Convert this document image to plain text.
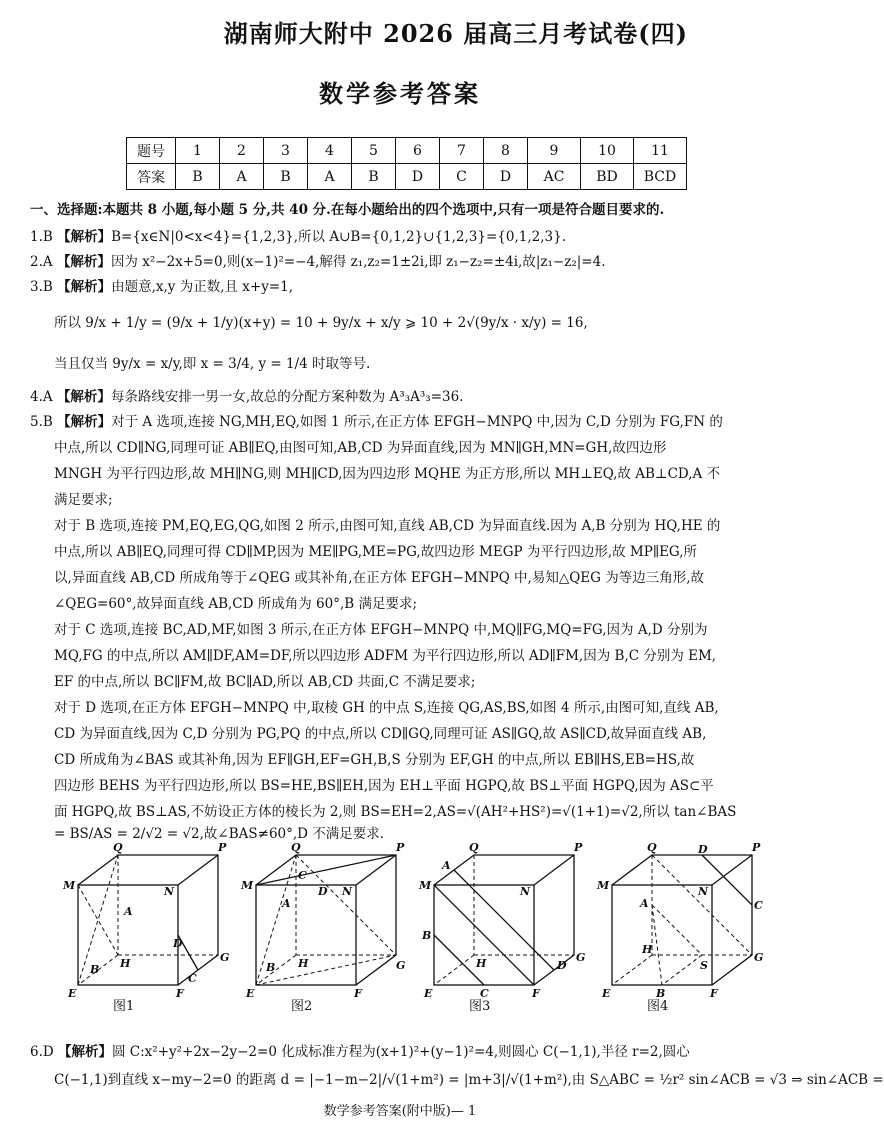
湖南师大附中 2026 届高三月考试卷(四)
数学参考答案
题号	1	2	3	4	5	6	7	8	9	10	11
答案	B	A	B	A	B	D	C	D	AC	BD	BCD
一、选择题:本题共 8 小题,每小题 5 分,共 40 分.在每小题给出的四个选项中,只有一项是符合题目要求的.
1.B 【解析】B={x∈N|0<x<4}={1,2,3},所以 A∪B={0,1,2}∪{1,2,3}={0,1,2,3}.
2.A 【解析】因为 x²−2x+5=0,则(x−1)²=−4,解得 z₁,z₂=1±2i,即 z₁−z₂=±4i,故|z₁−z₂|=4.
3.B 【解析】由题意,x,y 为正数,且 x+y=1,
所以 9/x + 1/y = (9/x + 1/y)(x+y) = 10 + 9y/x + x/y ⩾ 10 + 2√(9y/x · x/y) = 16,
当且仅当 9y/x = x/y,即 x = 3/4, y = 1/4 时取等号.
4.A 【解析】每条路线安排一男一女,故总的分配方案种数为 A³₃A³₃=36.
5.B 【解析】对于 A 选项,连接 NG,MH,EQ,如图 1 所示,在正方体 EFGH−MNPQ 中,因为 C,D 分别为 FG,FN 的
中点,所以 CD∥NG,同理可证 AB∥EQ,由图可知,AB,CD 为异面直线,因为 MN∥GH,MN=GH,故四边形
MNGH 为平行四边形,故 MH∥NG,则 MH∥CD,因为四边形 MQHE 为正方形,所以 MH⊥EQ,故 AB⊥CD,A 不
满足要求;
对于 B 选项,连接 PM,EQ,EG,QG,如图 2 所示,由图可知,直线 AB,CD 为异面直线.因为 A,B 分别为 HQ,HE 的
中点,所以 AB∥EQ,同理可得 CD∥MP,因为 ME∥PG,ME=PG,故四边形 MEGP 为平行四边形,故 MP∥EG,所
以,异面直线 AB,CD 所成角等于∠QEG 或其补角,在正方体 EFGH−MNPQ 中,易知△QEG 为等边三角形,故
∠QEG=60°,故异面直线 AB,CD 所成角为 60°,B 满足要求;
对于 C 选项,连接 BC,AD,MF,如图 3 所示,在正方体 EFGH−MNPQ 中,MQ∥FG,MQ=FG,因为 A,D 分别为
MQ,FG 的中点,所以 AM∥DF,AM=DF,所以四边形 ADFM 为平行四边形,所以 AD∥FM,因为 B,C 分别为 EM,
EF 的中点,所以 BC∥FM,故 BC∥AD,所以 AB,CD 共面,C 不满足要求;
对于 D 选项,在正方体 EFGH−MNPQ 中,取棱 GH 的中点 S,连接 QG,AS,BS,如图 4 所示,由图可知,直线 AB,
CD 为异面直线,因为 C,D 分别为 PG,PQ 的中点,所以 CD∥GQ,同理可证 AS∥GQ,故 AS∥CD,故异面直线 AB,
CD 所成角为∠BAS 或其补角,因为 EF∥GH,EF=GH,B,S 分别为 EF,GH 的中点,所以 EB∥HS,EB=HS,故
四边形 BEHS 为平行四边形,所以 BS=HE,BS∥EH,因为 EH⊥平面 HGPQ,故 BS⊥平面 HGPQ,因为 AS⊂平
面 HGPQ,故 BS⊥AS,不妨设正方体的棱长为 2,则 BS=EH=2,AS=√(AH²+HS²)=√(1+1)=√2,所以 tan∠BAS
= BS/AS = 2/√2 = √2,故∠BAS≠60°,D 不满足要求.
Q	P
M	N
A
D
H	G
B
C
E	F
图1
Q	P
M	N
C
A
D
H	G
B
E	F
图2
Q	P
A
M	N
H	D
B
G
E	C	F
图3
Q	P
D
M	N
A	C
H
S
G
E	B	F
图4
6.D 【解析】圆 C:x²+y²+2x−2y−2=0 化成标准方程为(x+1)²+(y−1)²=4,则圆心 C(−1,1),半径 r=2,圆心
C(−1,1)到直线 x−my−2=0 的距离 d = |−1−m−2|/√(1+m²) = |m+3|/√(1+m²),由 S△ABC = ½r² sin∠ACB = √3 ⇒ sin∠ACB =
数学参考答案(附中版)— 1
